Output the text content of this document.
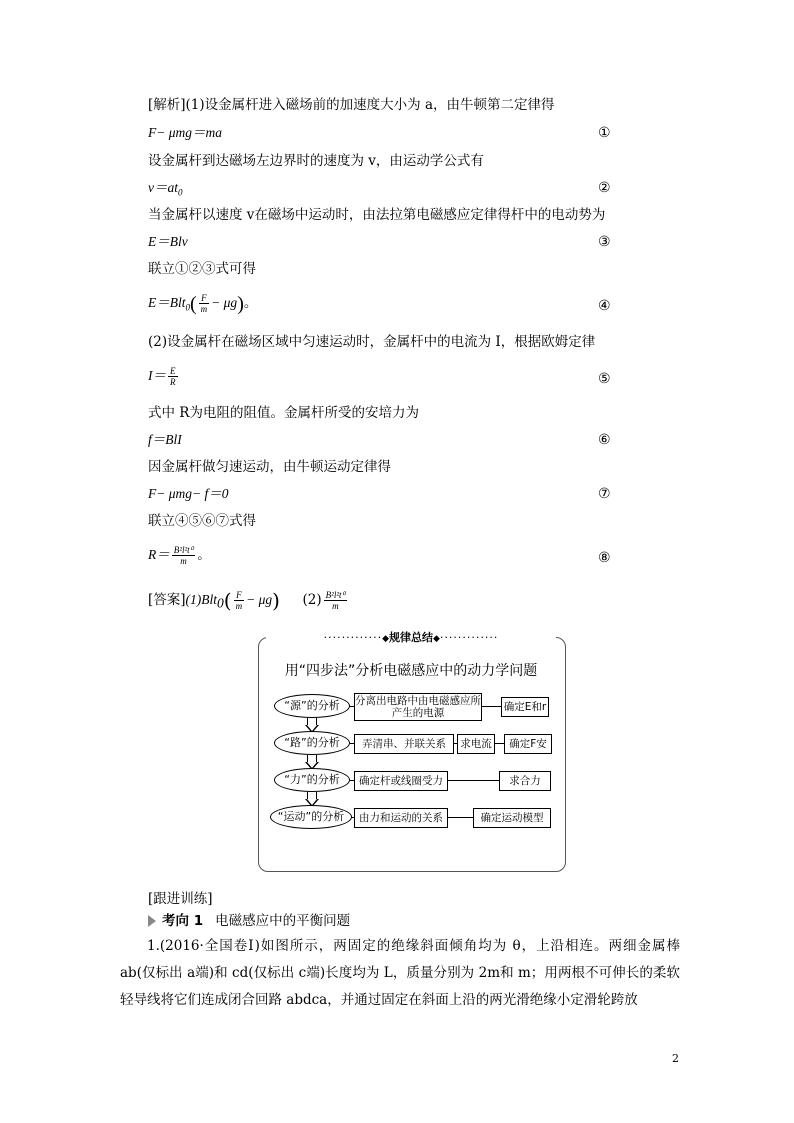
[解析](1)设金属杆进入磁场前的加速度大小为 a，由牛顿第二定律得
F− μmg＝ma	①
设金属杆到达磁场左边界时的速度为 v，由运动学公式有
$v=at_0$	②
当金属杆以速度 v在磁场中运动时，由法拉第电磁感应定律得杆中的电动势为
E＝Blv	③
联立①②③式可得
$E=Blt_0( \frac{F}{m} - \mu g)$。	④
(2)设金属杆在磁场区域中匀速运动时，金属杆中的电流为 I，根据欧姆定律
$I= \frac{E}{R}$	⑤
式中 R为电阻的阻值。金属杆所受的安培力为
f＝BlI	⑥
因金属杆做匀速运动，由牛顿运动定律得
F− μmg− f＝0	⑦
联立④⑤⑥⑦式得
$R= \frac{\text{B²l²t⁰}}{m}$ 。	⑧
[答案]$(1)Blt_0( \frac{F}{m} - \mu g)$ $(2) \frac{\text{B²l²t⁰}}{m}$
·············◆规律总结◆·············
用“四步法”分析电磁感应中的动力学问题
“源”的分析	分离出电路中由电磁感应所产生的电源	确定E和r
“路”的分析	弄清串、并联关系	求电流	确定F安
“力”的分析	确定杆或线圈受力	求合力
“运动”的分析	由力和运动的关系	确定运动模型
[跟进训练]
考向 1 电磁感应中的平衡问题
1.(2016·全国卷Ⅰ)如图所示，两固定的绝缘斜面倾角均为 θ，上沿相连。两细金属棒 ab(仅标出 a端)和 cd(仅标出 c端)长度均为 L，质量分别为 2m和 m；用两根不可伸长的柔软轻导线将它们连成闭合回路 abdca，并通过固定在斜面上沿的两光滑绝缘小定滑轮跨放
2
